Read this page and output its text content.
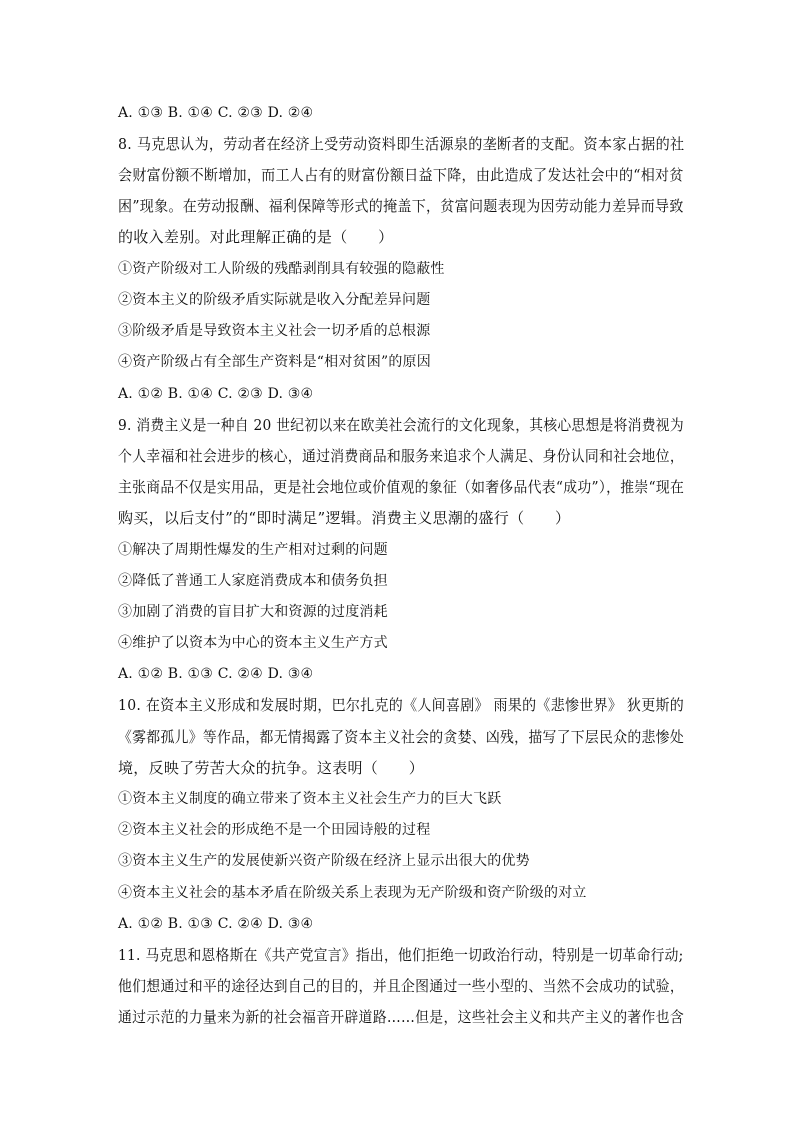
A. ①③ B. ①④ C. ②③ D. ②④
8. 马克思认为，劳动者在经济上受劳动资料即生活源泉的垄断者的支配。资本家占据的社
会财富份额不断增加，而工人占有的财富份额日益下降，由此造成了发达社会中的“相对贫
困”现象。在劳动报酬、福利保障等形式的掩盖下，贫富问题表现为因劳动能力差异而导致
的收入差别。对此理解正确的是（　　）
①资产阶级对工人阶级的残酷剥削具有较强的隐蔽性
②资本主义的阶级矛盾实际就是收入分配差异问题
③阶级矛盾是导致资本主义社会一切矛盾的总根源
④资产阶级占有全部生产资料是“相对贫困”的原因
A. ①② B. ①④ C. ②③ D. ③④
9. 消费主义是一种自 20 世纪初以来在欧美社会流行的文化现象，其核心思想是将消费视为
个人幸福和社会进步的核心，通过消费商品和服务来追求个人满足、身份认同和社会地位，
主张商品不仅是实用品，更是社会地位或价值观的象征（如奢侈品代表“成功”），推崇“现在
购买，以后支付”的“即时满足”逻辑。消费主义思潮的盛行（　　）
①解决了周期性爆发的生产相对过剩的问题
②降低了普通工人家庭消费成本和债务负担
③加剧了消费的盲目扩大和资源的过度消耗
④维护了以资本为中心的资本主义生产方式
A. ①② B. ①③ C. ②④ D. ③④
10. 在资本主义形成和发展时期，巴尔扎克的《人间喜剧》 雨果的《悲惨世界》 狄更斯的
《雾都孤儿》等作品，都无情揭露了资本主义社会的贪婪、凶残，描写了下层民众的悲惨处
境，反映了劳苦大众的抗争。这表明（　　）
①资本主义制度的确立带来了资本主义社会生产力的巨大飞跃
②资本主义社会的形成绝不是一个田园诗般的过程
③资本主义生产的发展使新兴资产阶级在经济上显示出很大的优势
④资本主义社会的基本矛盾在阶级关系上表现为无产阶级和资产阶级的对立
A. ①② B. ①③ C. ②④ D. ③④
11. 马克思和恩格斯在《共产党宣言》指出，他们拒绝一切政治行动，特别是一切革命行动;
他们想通过和平的途径达到自己的目的，并且企图通过一些小型的、当然不会成功的试验，
通过示范的力量来为新的社会福音开辟道路……但是，这些社会主义和共产主义的著作也含
